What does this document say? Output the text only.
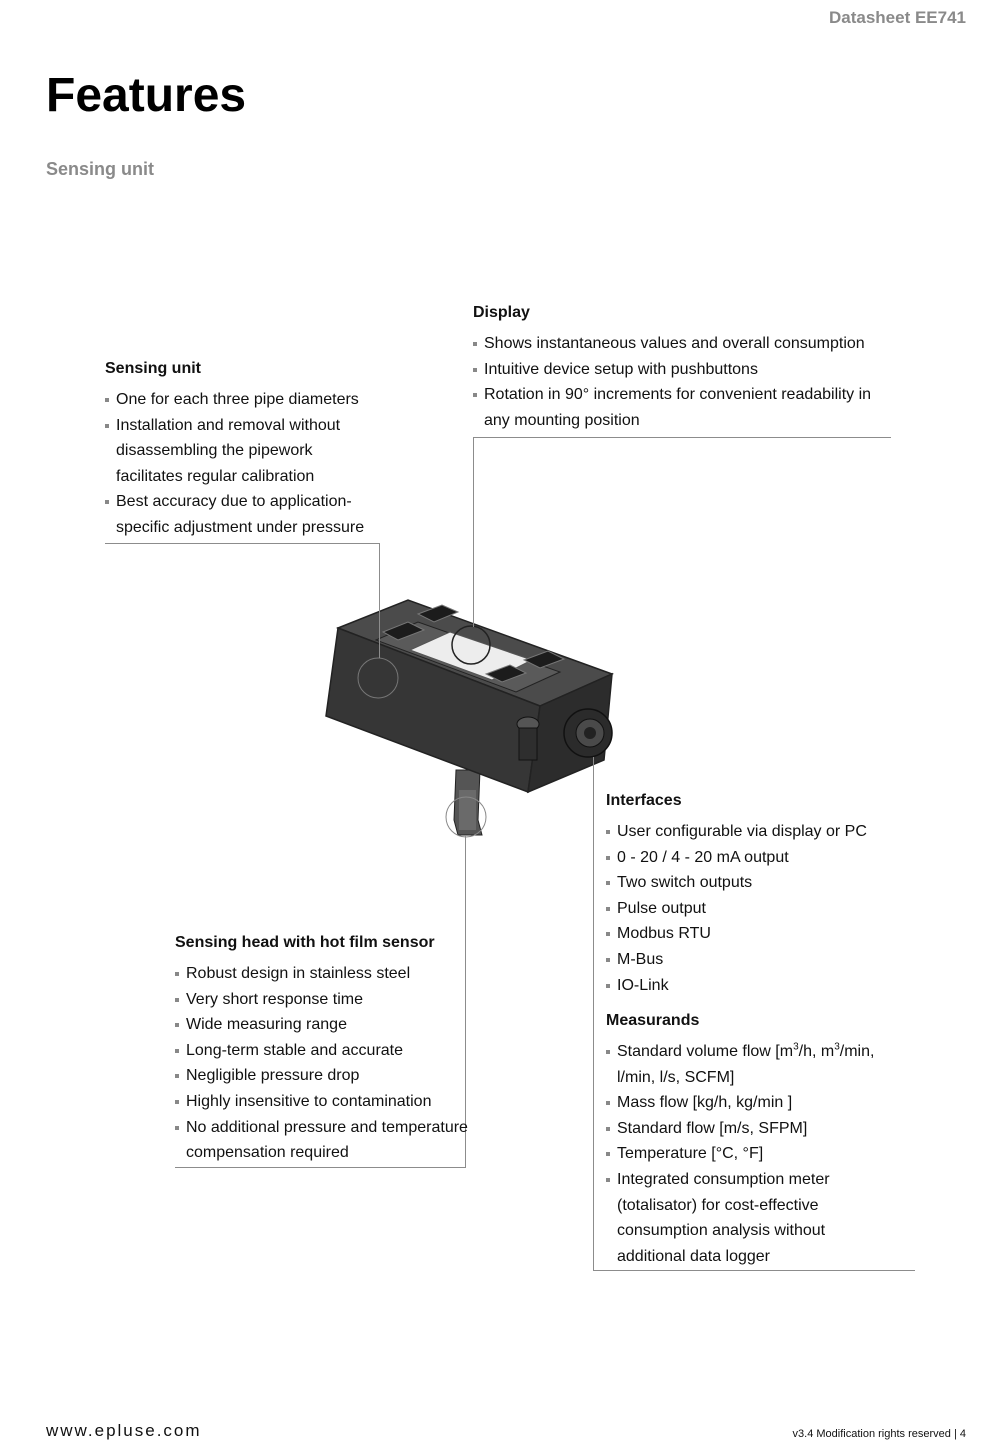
Datasheet EE741
Features
Sensing unit
Display
Shows instantaneous values and overall consumption
Intuitive device setup with pushbuttons
Rotation in 90° increments for convenient readability in any mounting position
Sensing unit
One for each three pipe diameters
Installation and removal without disassembling the pipework facilitates regular calibration
Best accuracy due to application-specific adjustment under pressure
Interfaces
User configurable via display or PC
0 - 20 / 4 - 20 mA output
Two switch outputs
Pulse output
Modbus RTU
M-Bus
IO-Link
Measurands
Standard volume flow [$m^3/h$, $m^3/\min$, l/min, l/s, SCFM]
Mass flow [kg/h, kg/min ]
Standard flow [m/s, SFPM]
Temperature [°C, °F]
Integrated consumption meter (totalisator) for cost-effective consumption analysis without additional data logger
Sensing head with hot film sensor
Robust design in stainless steel
Very short response time
Wide measuring range
Long-term stable and accurate
Negligible pressure drop
Highly insensitive to contamination
No additional pressure and temperature compensation required
www.epluse.com	v3.4 Modification rights reserved | 4
